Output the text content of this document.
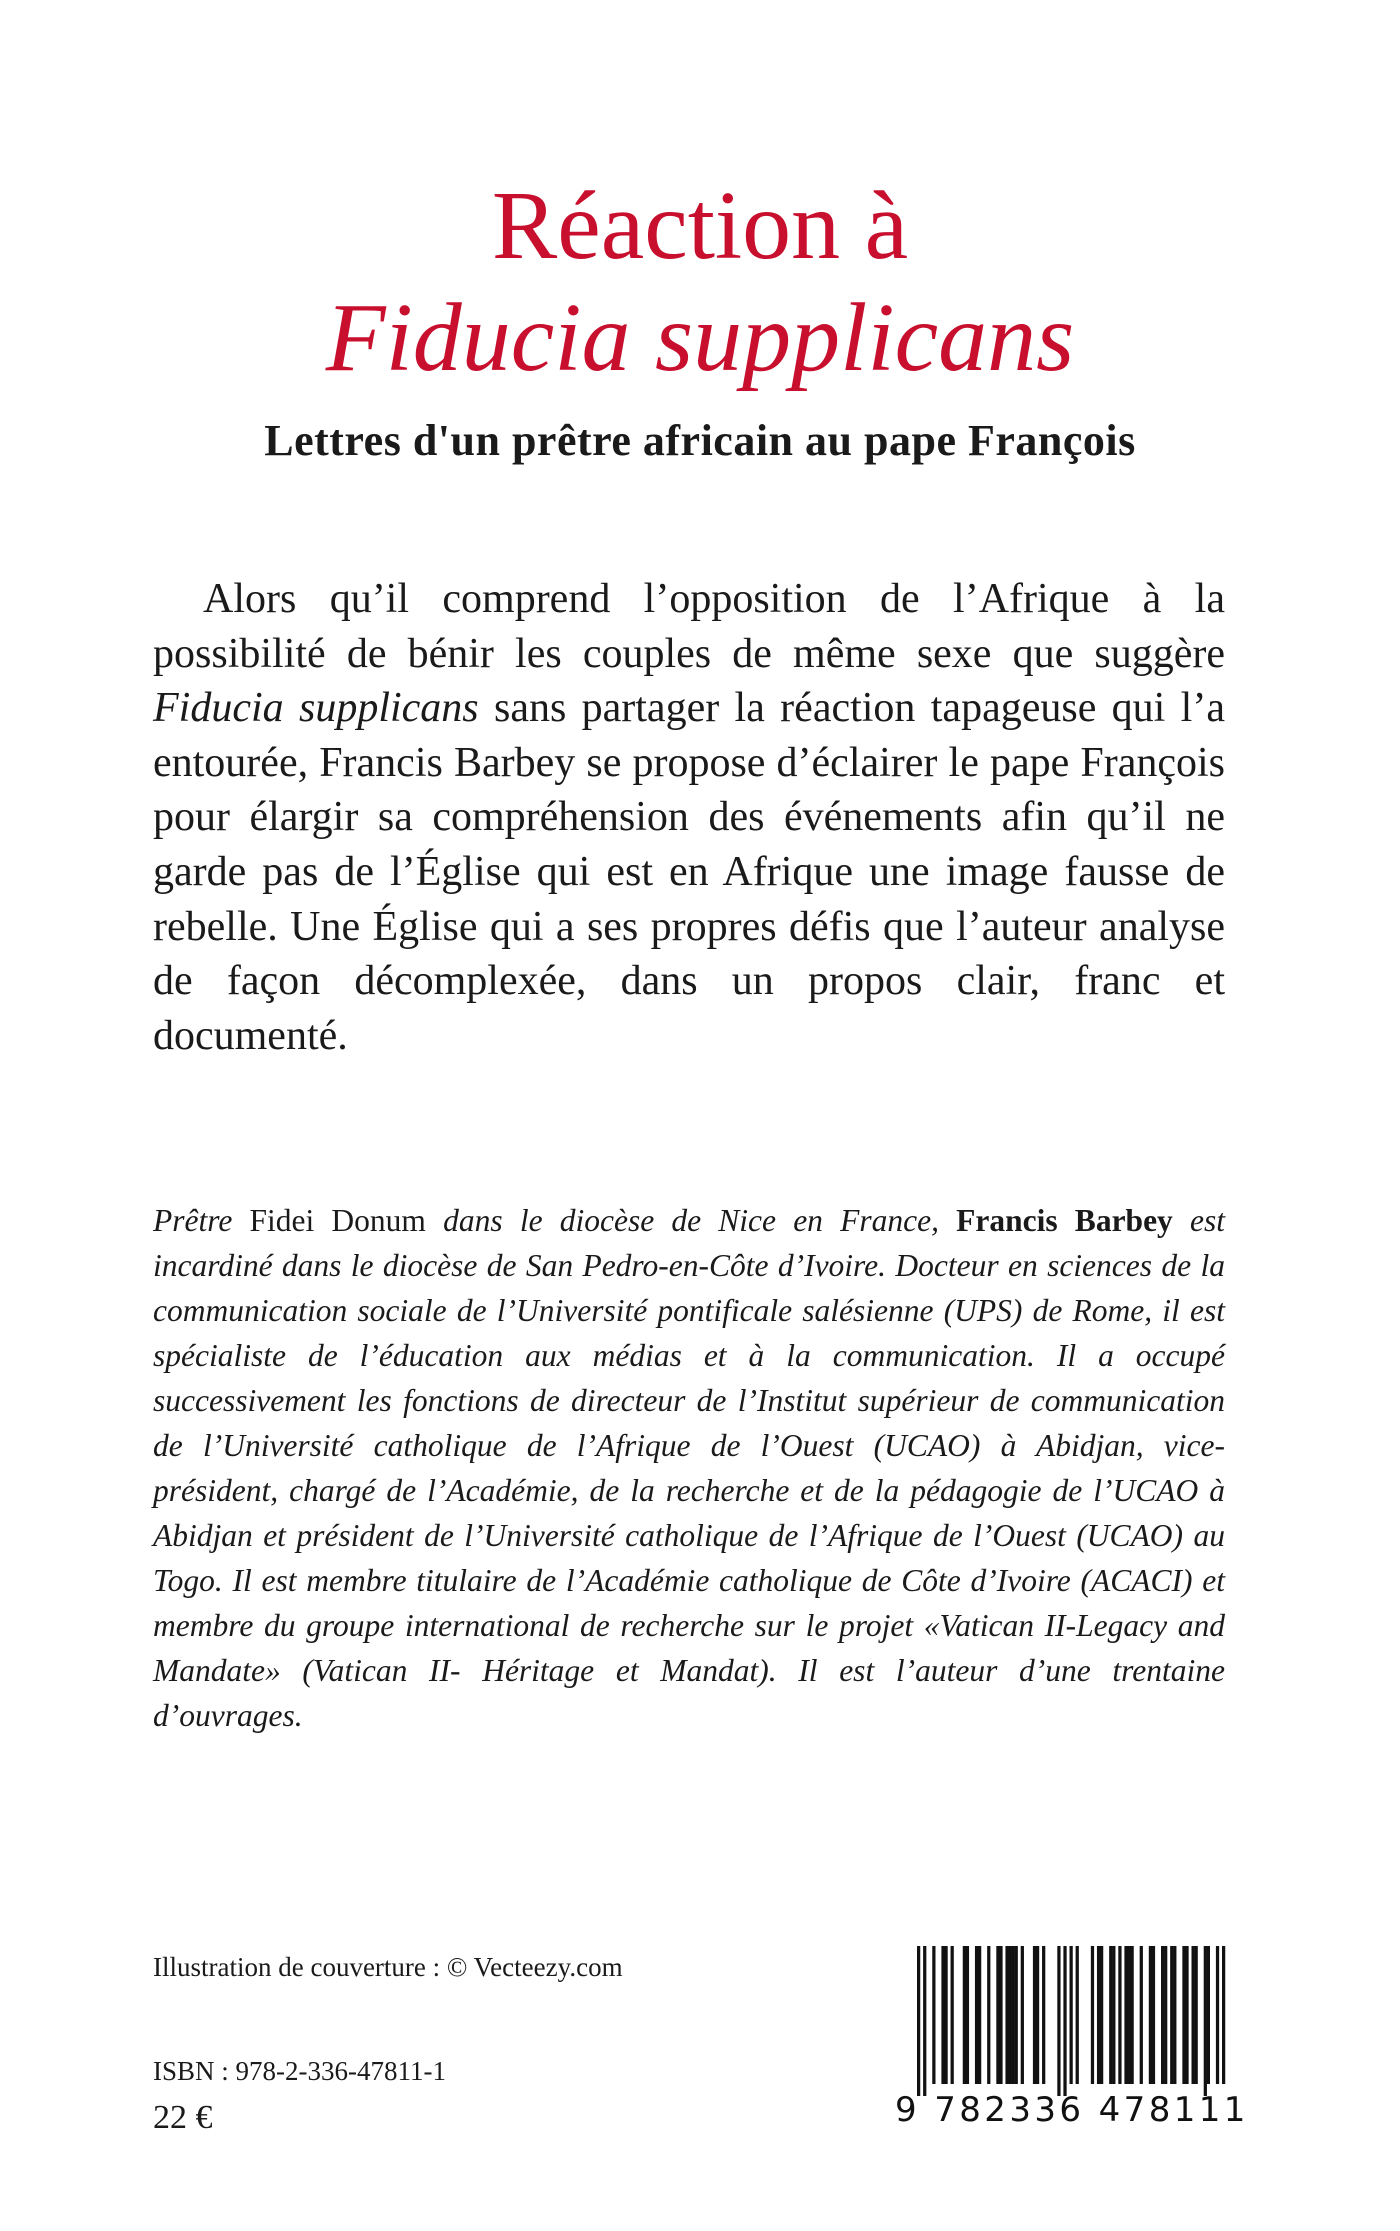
Réaction à

Fiducia supplicans

Lettres d'un prêtre africain au pape François

Alors qu’il comprend l’opposition de l’Afrique à la possibilité de bénir les couples de même sexe que suggère Fiducia supplicans sans partager la réaction tapageuse qui l’a entourée, Francis Barbey se propose d’éclairer le pape François pour élargir sa compréhension des événements afin qu’il ne garde pas de l’Église qui est en Afrique une image fausse de rebelle. Une Église qui a ses propres défis que l’auteur analyse de façon décomplexée, dans un propos clair, franc et documenté.

Prêtre Fidei Donum dans le diocèse de Nice en France, Francis Barbey est incardiné dans le diocèse de San Pedro-en-Côte d’Ivoire. Docteur en sciences de la communication sociale de l’Université pontificale salésienne (UPS) de Rome, il est spécialiste de l’éducation aux médias et à la communication. Il a occupé successivement les fonctions de directeur de l’Institut supérieur de communication de l’Université catholique de l’Afrique de l’Ouest (UCAO) à Abidjan, vice-président, chargé de l’Académie, de la recherche et de la pédagogie de l’UCAO à Abidjan et président de l’Université catholique de l’Afrique de l’Ouest (UCAO) au Togo. Il est membre titulaire de l’Académie catholique de Côte d’Ivoire (ACACI) et membre du groupe international de recherche sur le projet «Vatican II-Legacy and Mandate» (Vatican II- Héritage et Mandat). Il est l’auteur d’une trentaine d’ouvrages.

Illustration de couverture : © Vecteezy.com

ISBN : 978-2-336-47811-1

22 €	9 782336 478111
